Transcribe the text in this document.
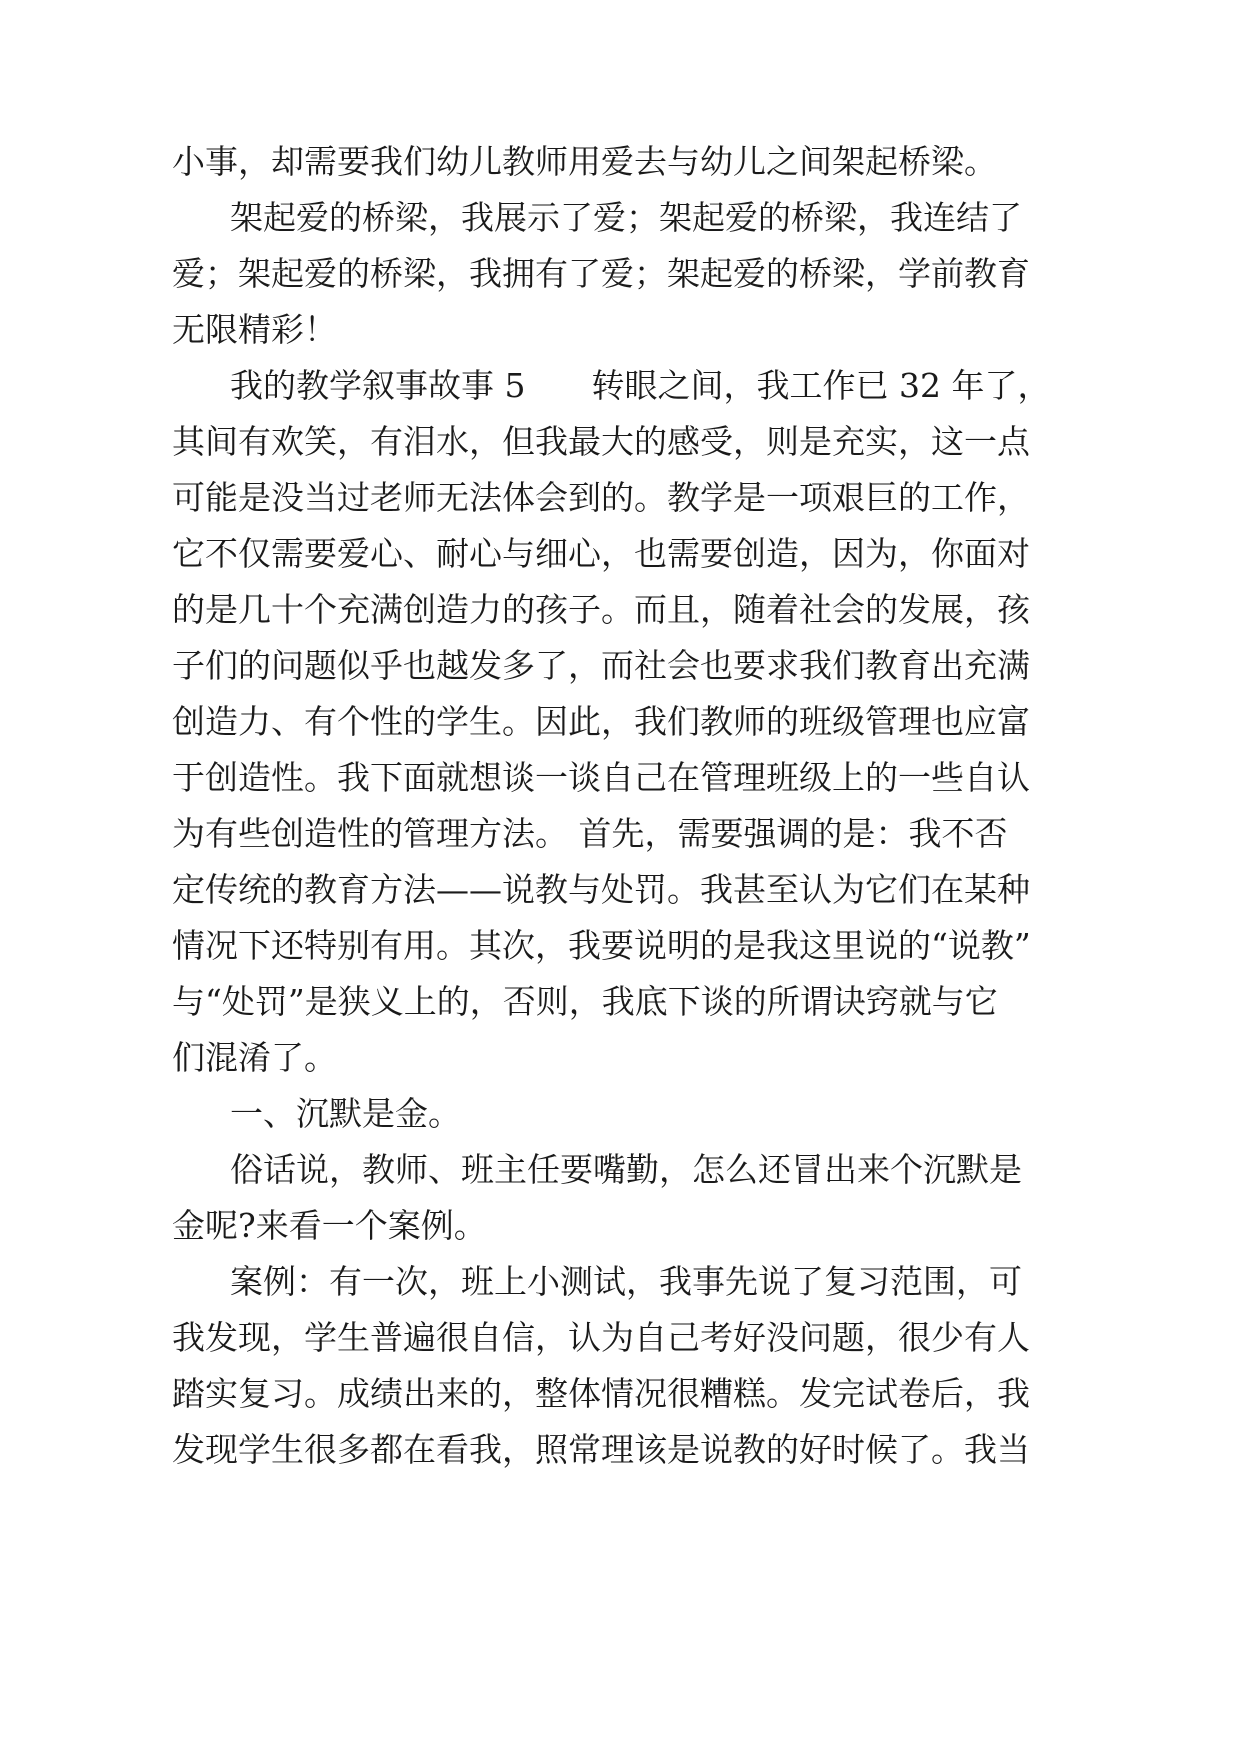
小事，却需要我们幼儿教师用爱去与幼儿之间架起桥梁。
架起爱的桥梁，我展示了爱；架起爱的桥梁，我连结了
爱；架起爱的桥梁，我拥有了爱；架起爱的桥梁，学前教育
无限精彩！
我的教学叙事故事 5　　转眼之间，我工作已 32 年了，
其间有欢笑，有泪水，但我最大的感受，则是充实，这一点
可能是没当过老师无法体会到的。教学是一项艰巨的工作，
它不仅需要爱心、耐心与细心，也需要创造，因为，你面对
的是几十个充满创造力的孩子。而且，随着社会的发展，孩
子们的问题似乎也越发多了，而社会也要求我们教育出充满
创造力、有个性的学生。因此，我们教师的班级管理也应富
于创造性。我下面就想谈一谈自己在管理班级上的一些自认
为有些创造性的管理方法。 首先，需要强调的是：我不否
定传统的教育方法——说教与处罚。我甚至认为它们在某种
情况下还特别有用。其次，我要说明的是我这里说的“说教”
与“处罚”是狭义上的，否则，我底下谈的所谓诀窍就与它
们混淆了。
一、沉默是金。
俗话说，教师、班主任要嘴勤，怎么还冒出来个沉默是
金呢?来看一个案例。
案例：有一次，班上小测试，我事先说了复习范围，可
我发现，学生普遍很自信，认为自己考好没问题，很少有人
踏实复习。成绩出来的，整体情况很糟糕。发完试卷后，我
发现学生很多都在看我，照常理该是说教的好时候了。我当
